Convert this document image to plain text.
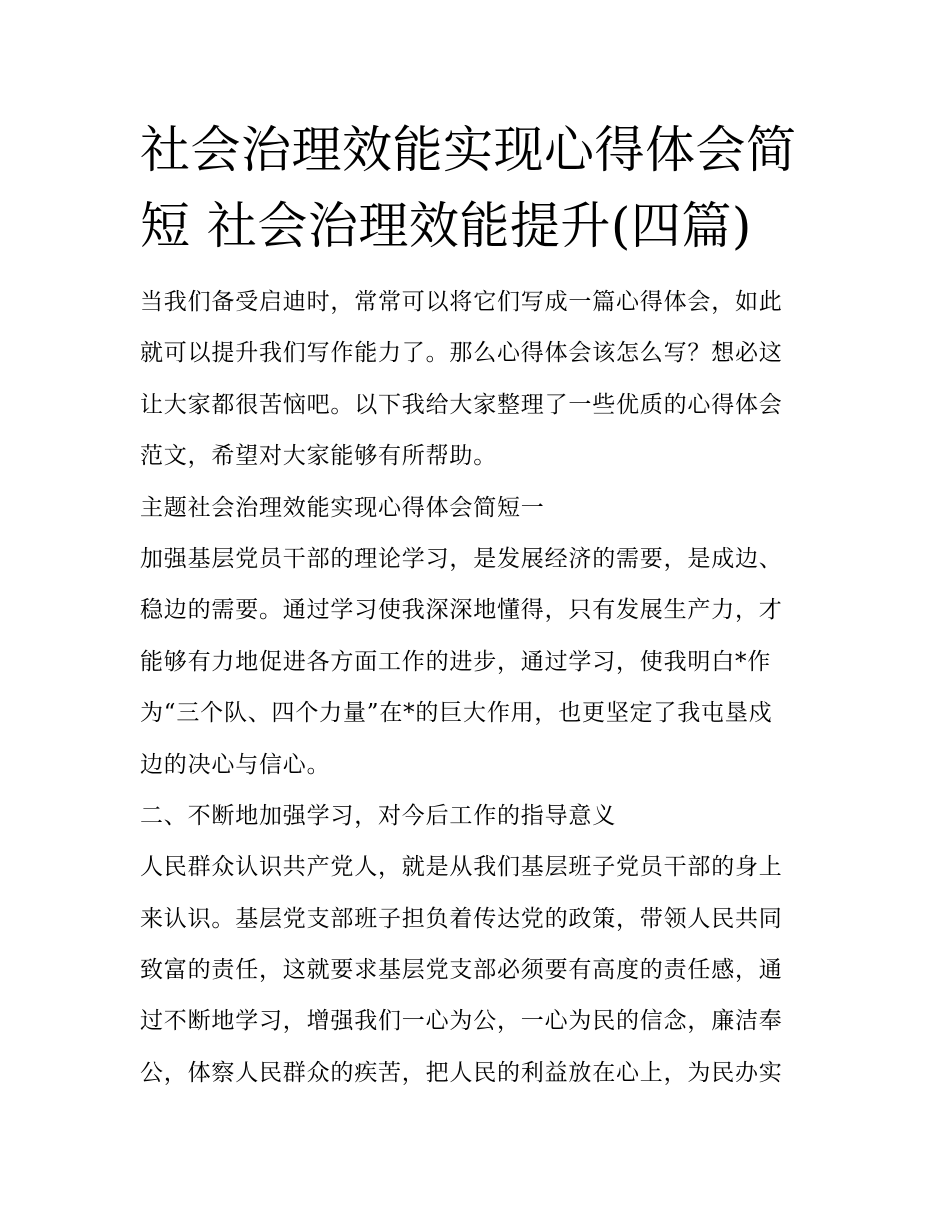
社会治理效能实现心得体会简短 社会治理效能提升(四篇)
当我们备受启迪时，常常可以将它们写成一篇心得体会，如此
就可以提升我们写作能力了。那么心得体会该怎么写？想必这
让大家都很苦恼吧。以下我给大家整理了一些优质的心得体会
范文，希望对大家能够有所帮助。
主题社会治理效能实现心得体会简短一
加强基层党员干部的理论学习，是发展经济的需要，是成边、
稳边的需要。通过学习使我深深地懂得，只有发展生产力，才
能够有力地促进各方面工作的进步，通过学习，使我明白*作
为“三个队、四个力量”在*的巨大作用，也更坚定了我屯垦戍
边的决心与信心。
二、不断地加强学习，对今后工作的指导意义
人民群众认识共产党人，就是从我们基层班子党员干部的身上
来认识。基层党支部班子担负着传达党的政策，带领人民共同
致富的责任，这就要求基层党支部必须要有高度的责任感，通
过不断地学习，增强我们一心为公，一心为民的信念，廉洁奉
公，体察人民群众的疾苦，把人民的利益放在心上，为民办实
